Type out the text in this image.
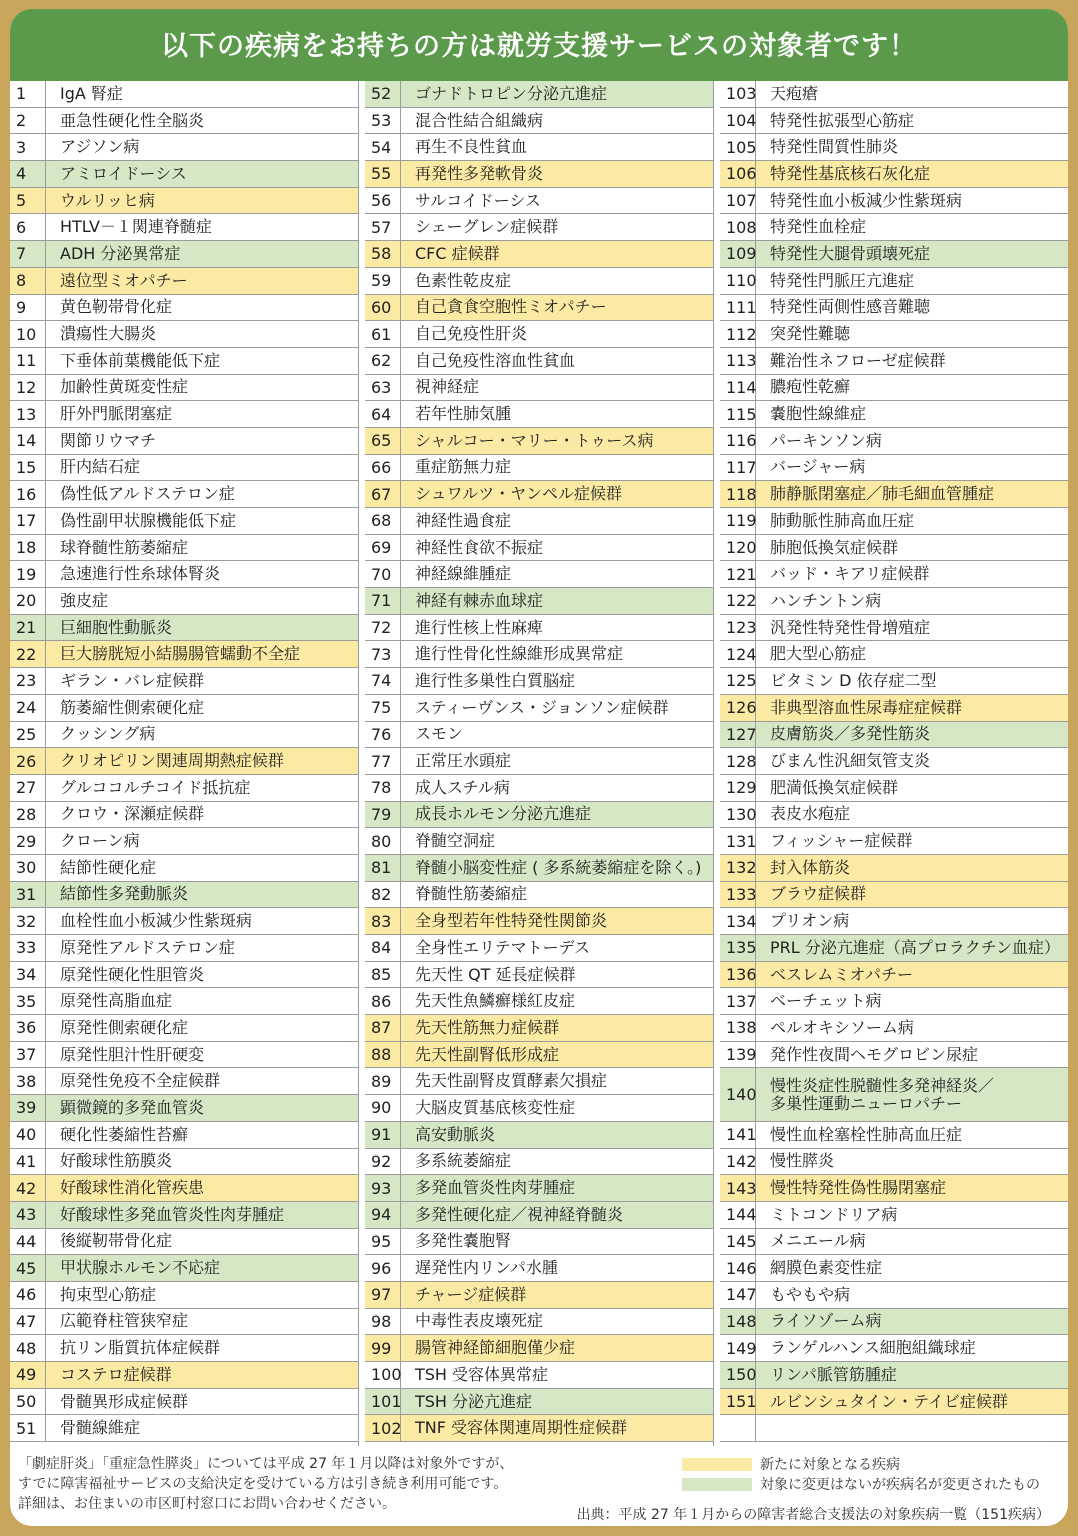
以下の疾病をお持ちの方は就労支援サービスの対象者です！
1	IgA 腎症
2	亜急性硬化性全脳炎
3	アジソン病
4	アミロイドーシス
5	ウルリッヒ病
6	HTLV－１関連脊髄症
7	ADH 分泌異常症
8	遠位型ミオパチー
9	黄色靭帯骨化症
10	潰瘍性大腸炎
11	下垂体前葉機能低下症
12	加齢性黄斑変性症
13	肝外門脈閉塞症
14	関節リウマチ
15	肝内結石症
16	偽性低アルドステロン症
17	偽性副甲状腺機能低下症
18	球脊髄性筋萎縮症
19	急速進行性糸球体腎炎
20	強皮症
21	巨細胞性動脈炎
22	巨大膀胱短小結腸腸管蠕動不全症
23	ギラン・バレ症候群
24	筋萎縮性側索硬化症
25	クッシング病
26	クリオピリン関連周期熱症候群
27	グルココルチコイド抵抗症
28	クロウ・深瀬症候群
29	クローン病
30	結節性硬化症
31	結節性多発動脈炎
32	血栓性血小板減少性紫斑病
33	原発性アルドステロン症
34	原発性硬化性胆管炎
35	原発性高脂血症
36	原発性側索硬化症
37	原発性胆汁性肝硬変
38	原発性免疫不全症候群
39	顕微鏡的多発血管炎
40	硬化性萎縮性苔癬
41	好酸球性筋膜炎
42	好酸球性消化管疾患
43	好酸球性多発血管炎性肉芽腫症
44	後縦靭帯骨化症
45	甲状腺ホルモン不応症
46	拘束型心筋症
47	広範脊柱管狭窄症
48	抗リン脂質抗体症候群
49	コステロ症候群
50	骨髄異形成症候群
51	骨髄線維症
52	ゴナドトロピン分泌亢進症
53	混合性結合組織病
54	再生不良性貧血
55	再発性多発軟骨炎
56	サルコイドーシス
57	シェーグレン症候群
58	CFC 症候群
59	色素性乾皮症
60	自己貪食空胞性ミオパチー
61	自己免疫性肝炎
62	自己免疫性溶血性貧血
63	視神経症
64	若年性肺気腫
65	シャルコー・マリー・トゥース病
66	重症筋無力症
67	シュワルツ・ヤンペル症候群
68	神経性過食症
69	神経性食欲不振症
70	神経線維腫症
71	神経有棘赤血球症
72	進行性核上性麻痺
73	進行性骨化性線維形成異常症
74	進行性多巣性白質脳症
75	スティーヴンス・ジョンソン症候群
76	スモン
77	正常圧水頭症
78	成人スチル病
79	成長ホルモン分泌亢進症
80	脊髄空洞症
81	脊髄小脳変性症 ( 多系統萎縮症を除く。)
82	脊髄性筋萎縮症
83	全身型若年性特発性関節炎
84	全身性エリテマトーデス
85	先天性 QT 延長症候群
86	先天性魚鱗癬様紅皮症
87	先天性筋無力症候群
88	先天性副腎低形成症
89	先天性副腎皮質酵素欠損症
90	大脳皮質基底核変性症
91	高安動脈炎
92	多系統萎縮症
93	多発血管炎性肉芽腫症
94	多発性硬化症／視神経脊髄炎
95	多発性嚢胞腎
96	遅発性内リンパ水腫
97	チャージ症候群
98	中毒性表皮壊死症
99	腸管神経節細胞僅少症
100 TSH 受容体異常症
101 TSH 分泌亢進症
102 TNF 受容体関連周期性症候群
103 天疱瘡
104 特発性拡張型心筋症
105 特発性間質性肺炎
106 特発性基底核石灰化症
107 特発性血小板減少性紫斑病
108 特発性血栓症
109 特発性大腿骨頭壊死症
110 特発性門脈圧亢進症
111 特発性両側性感音難聴
112 突発性難聴
113 難治性ネフローゼ症候群
114 膿疱性乾癬
115 嚢胞性線維症
116 パーキンソン病
117 バージャー病
118 肺静脈閉塞症／肺毛細血管腫症
119 肺動脈性肺高血圧症
120 肺胞低換気症候群
121 バッド・キアリ症候群
122 ハンチントン病
123 汎発性特発性骨増殖症
124 肥大型心筋症
125 ビタミン D 依存症二型
126 非典型溶血性尿毒症症候群
127 皮膚筋炎／多発性筋炎
128 びまん性汎細気管支炎
129 肥満低換気症候群
130 表皮水疱症
131 フィッシャー症候群
132 封入体筋炎
133 ブラウ症候群
134 プリオン病
135 PRL 分泌亢進症（高プロラクチン血症）
136 ベスレムミオパチー
137 ベーチェット病
138 ペルオキシソーム病
139 発作性夜間ヘモグロビン尿症
140 慢性炎症性脱髄性多発神経炎／
多巣性運動ニューロパチー
141 慢性血栓塞栓性肺高血圧症
142 慢性膵炎
143 慢性特発性偽性腸閉塞症
144 ミトコンドリア病
145 メニエール病
146 網膜色素変性症
147 もやもや病
148 ライソゾーム病
149 ランゲルハンス細胞組織球症
150 リンパ脈管筋腫症
151 ルビンシュタイン・テイビ症候群
「劇症肝炎」「重症急性膵炎」については平成 27 年１月以降は対象外ですが、
すでに障害福祉サービスの支給決定を受けている方は引き続き利用可能です。
詳細は、お住まいの市区町村窓口にお問い合わせください。
新たに対象となる疾病
対象に変更はないが疾病名が変更されたもの
出典：平成 27 年１月からの障害者総合支援法の対象疾病一覧（151疾病）
